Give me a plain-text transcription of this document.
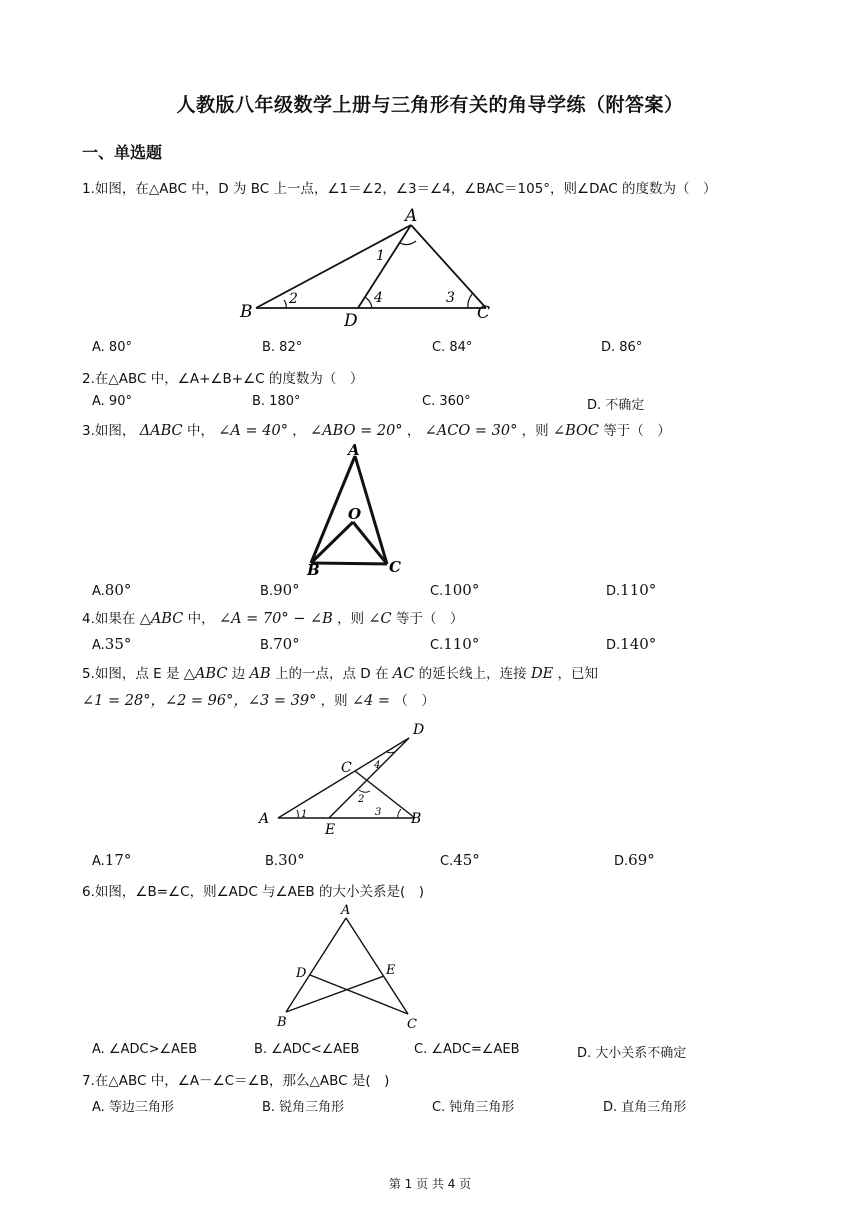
人教版八年级数学上册与三角形有关的角导学练（附答案）
一、单选题
1.如图，在△ABC 中，D 为 BC 上一点，∠1＝∠2，∠3＝∠4，∠BAC＝105°，则∠DAC 的度数为（　）
A
B	C
D
1
2	3
4
A. 80°	B. 82°	C. 84°	D. 86°
2.在△ABC 中，∠A+∠B+∠C 的度数为（　）
A. 90°	B. 180°	C. 360°	D. 不确定
3.如图， ΔABC 中， ∠A = 40° ， ∠ABO = 20° ， ∠ACO = 30° ，则 ∠BOC 等于（　）
A
O
B	C
A.80°	B.90°	C.100°	D.110°
4.如果在 △ABC 中， ∠A = 70° − ∠B ，则 ∠C 等于（　）
A.35°	B.70°	C.110°	D.140°
5.如图，点 E 是 △ABC 边 AB 上的一点，点 D 在 AC 的延长线上，连接 DE ，已知
∠1 = 28°，∠2 = 96°，∠3 = 39° ，则 ∠4 = （　）
D
C 4
2
A	1
E
3 B
A.17°	B.30°	C.45°	D.69°
6.如图，∠B=∠C，则∠ADC 与∠AEB 的大小关系是(　)
A
D	E
B	C
A. ∠ADC>∠AEB	B. ∠ADC<∠AEB	C. ∠ADC=∠AEB	D. 大小关系不确定
7.在△ABC 中，∠A－∠C＝∠B，那么△ABC 是(　)
A. 等边三角形	B. 锐角三角形	C. 钝角三角形	D. 直角三角形
第 1 页 共 4 页
